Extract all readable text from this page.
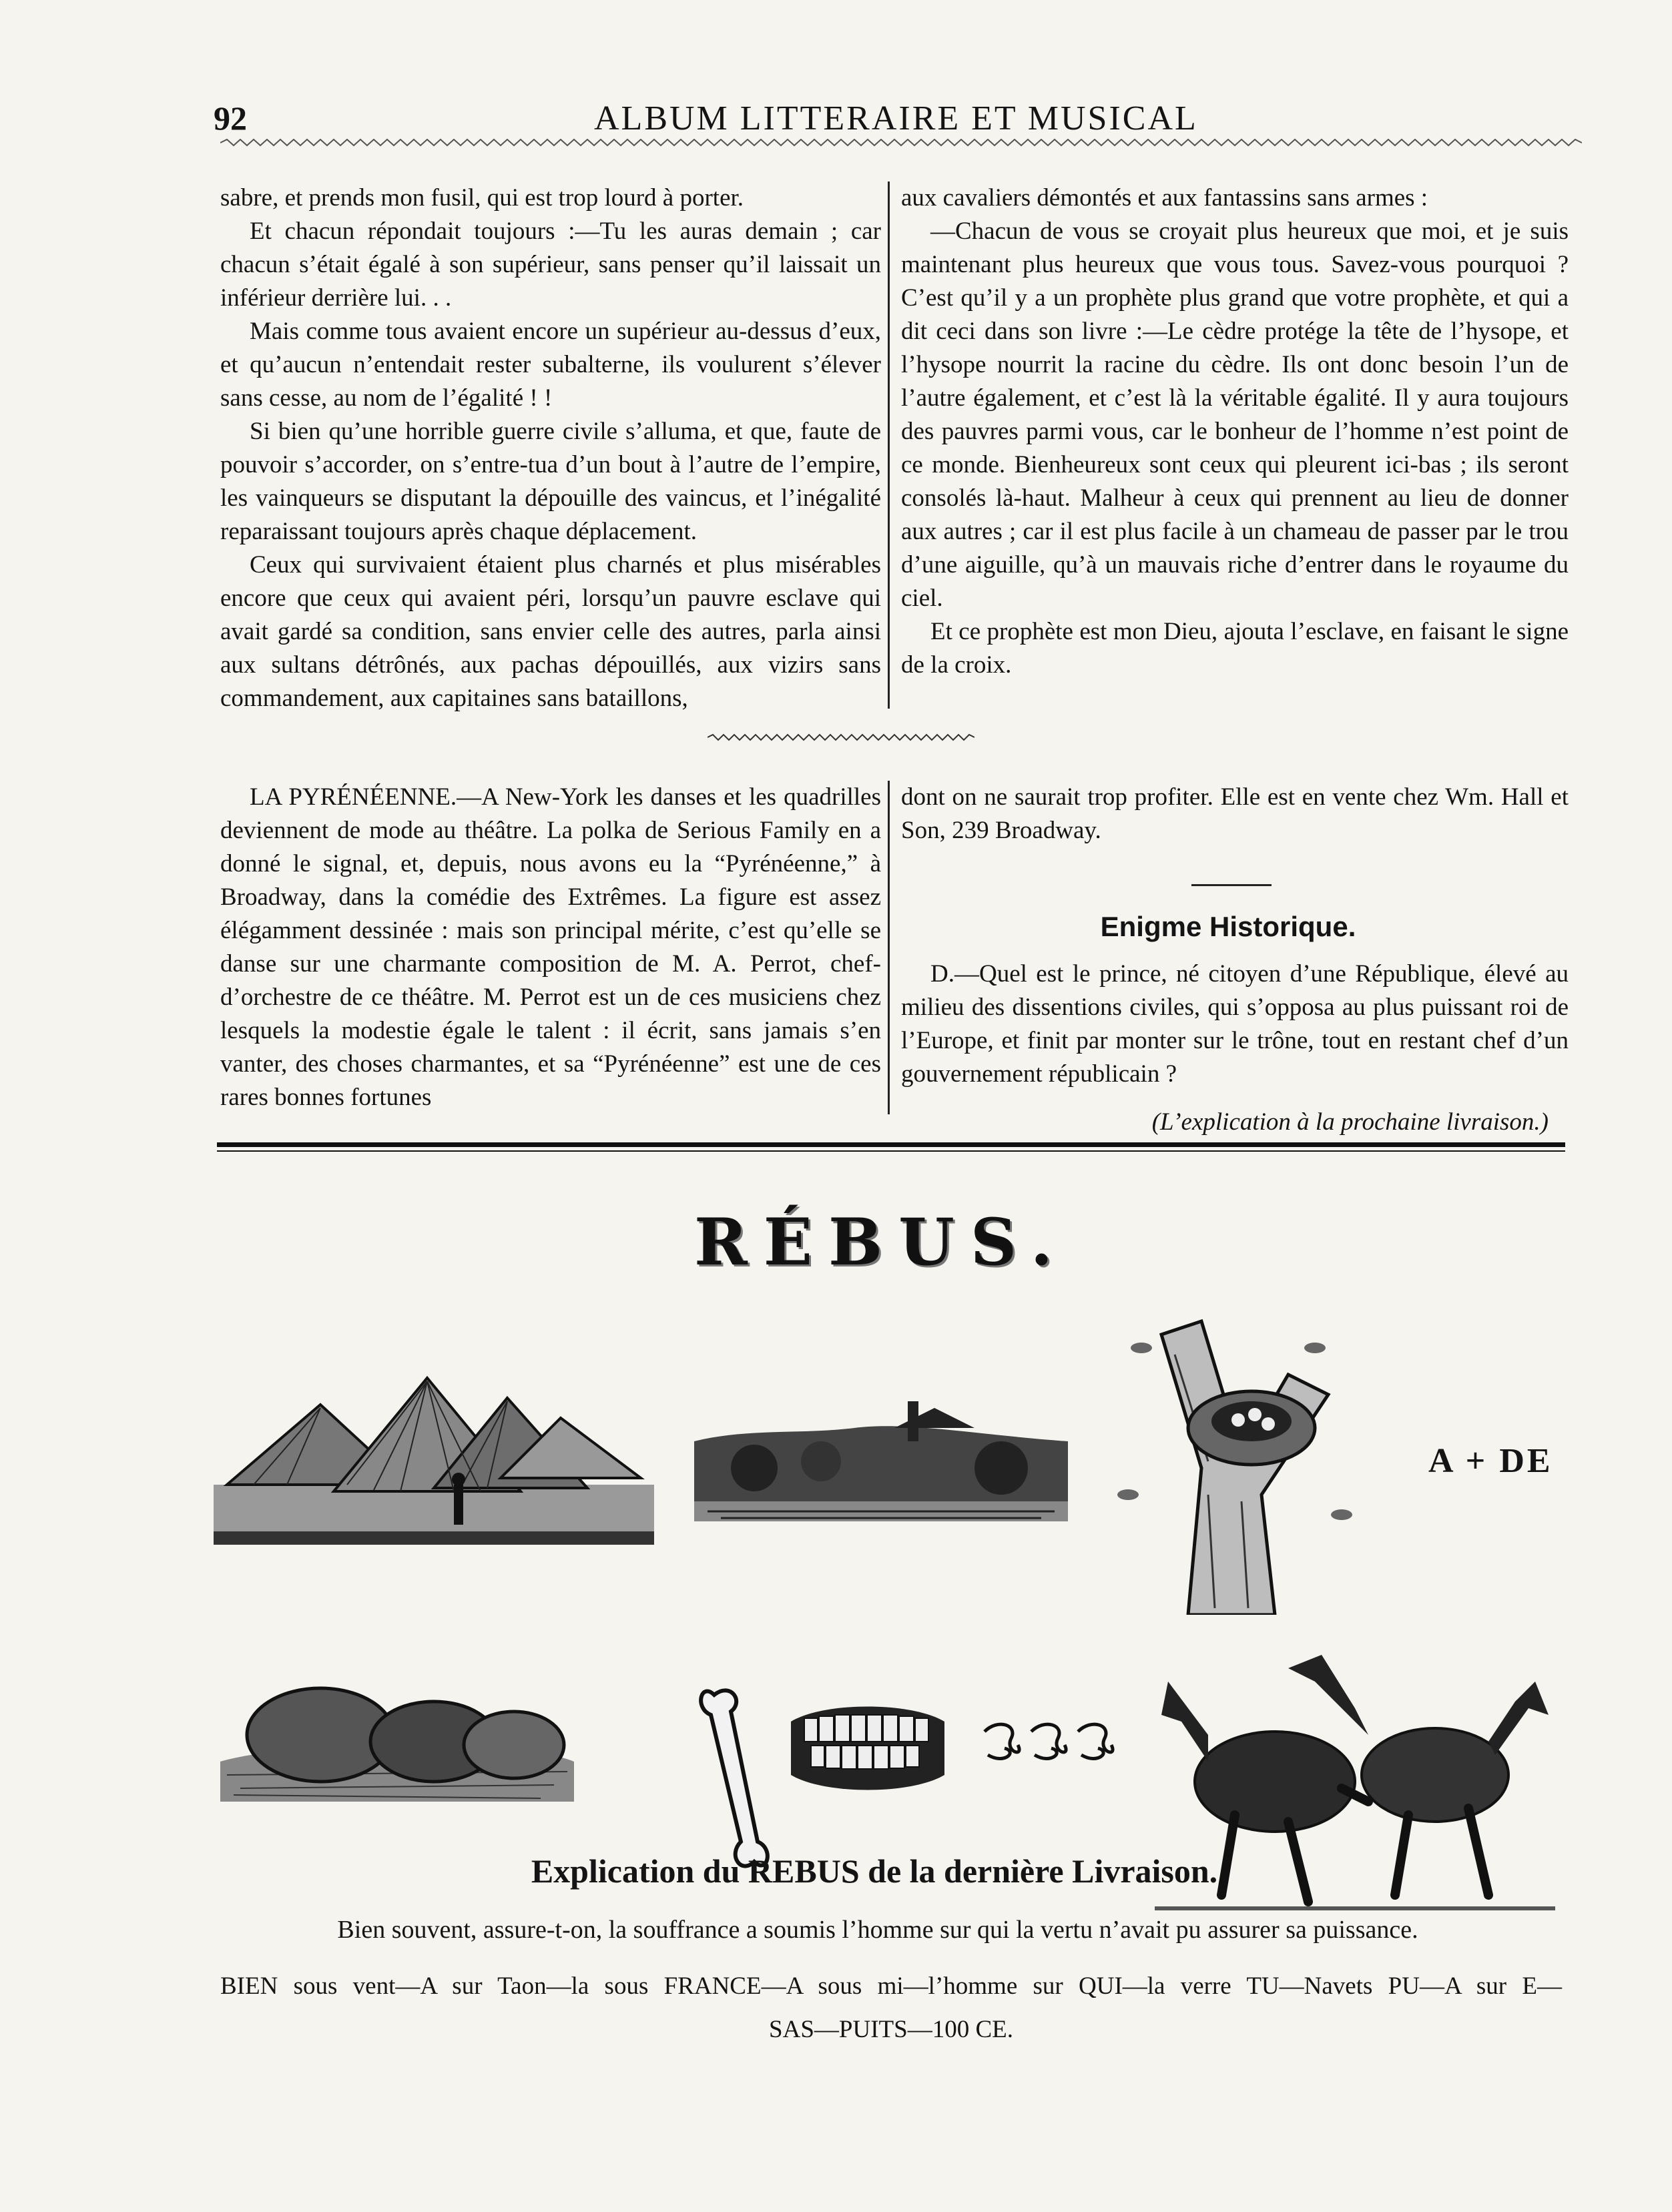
92	ALBUM LITTERAIRE ET MUSICAL

sabre, et prends mon fusil, qui est trop lourd à porter.

Et chacun répondait toujours :—Tu les auras demain ; car chacun s’était égalé à son supérieur, sans penser qu’il laissait un inférieur derrière lui. . .

Mais comme tous avaient encore un supérieur au-dessus d’eux, et qu’aucun n’entendait rester subalterne, ils voulurent s’élever sans cesse, au nom de l’égalité ! !

Si bien qu’une horrible guerre civile s’alluma, et que, faute de pouvoir s’accorder, on s’entre-tua d’un bout à l’autre de l’empire, les vainqueurs se disputant la dépouille des vaincus, et l’inégalité reparaissant toujours après chaque déplacement.

Ceux qui survivaient étaient plus charnés et plus misérables encore que ceux qui avaient péri, lorsqu’un pauvre esclave qui avait gardé sa condition, sans envier celle des autres, parla ainsi aux sultans détrônés, aux pachas dépouillés, aux vizirs sans commandement, aux capitaines sans bataillons,

aux cavaliers démontés et aux fantassins sans armes :

—Chacun de vous se croyait plus heureux que moi, et je suis maintenant plus heureux que vous tous. Savez-vous pourquoi ? C’est qu’il y a un prophète plus grand que votre prophète, et qui a dit ceci dans son livre :—Le cèdre protége la tête de l’hysope, et l’hysope nourrit la racine du cèdre. Ils ont donc besoin l’un de l’autre également, et c’est là la véritable égalité. Il y aura toujours des pauvres parmi vous, car le bonheur de l’homme n’est point de ce monde. Bienheureux sont ceux qui pleurent ici-bas ; ils seront consolés là-haut. Malheur à ceux qui prennent au lieu de donner aux autres ; car il est plus facile à un chameau de passer par le trou d’une aiguille, qu’à un mauvais riche d’entrer dans le royaume du ciel.

Et ce prophète est mon Dieu, ajouta l’esclave, en faisant le signe de la croix.

LA PYRÉNÉENNE.—A New-York les danses et les quadrilles deviennent de mode au théâtre. La polka de Serious Family en a donné le signal, et, depuis, nous avons eu la “Pyrénéenne,” à Broadway, dans la comédie des Extrêmes. La figure est assez élégamment dessinée : mais son principal mérite, c’est qu’elle se danse sur une charmante composition de M. A. Perrot, chef-d’orchestre de ce théâtre. M. Perrot est un de ces musiciens chez lesquels la modestie égale le talent : il écrit, sans jamais s’en vanter, des choses charmantes, et sa “Pyrénéenne” est une de ces rares bonnes fortunes

dont on ne saurait trop profiter. Elle est en vente chez Wm. Hall et Son, 239 Broadway.

Enigme Historique.

D.—Quel est le prince, né citoyen d’une République, élevé au milieu des dissentions civiles, qui s’opposa au plus puissant roi de l’Europe, et finit par monter sur le trône, tout en restant chef d’un gouvernement républicain ?

(L’explication à la prochaine livraison.)
RÉBUS.
A + DE
Explication du REBUS de la dernière Livraison.
Bien souvent, assure-t-on, la souffrance a soumis l’homme sur qui la vertu n’avait pu assurer sa puissance.
BIEN sous vent—A sur Taon—la sous FRANCE—A sous mi—l’homme sur QUI—la verre TU—Navets PU—A sur E—
SAS—PUITS—100 CE.
